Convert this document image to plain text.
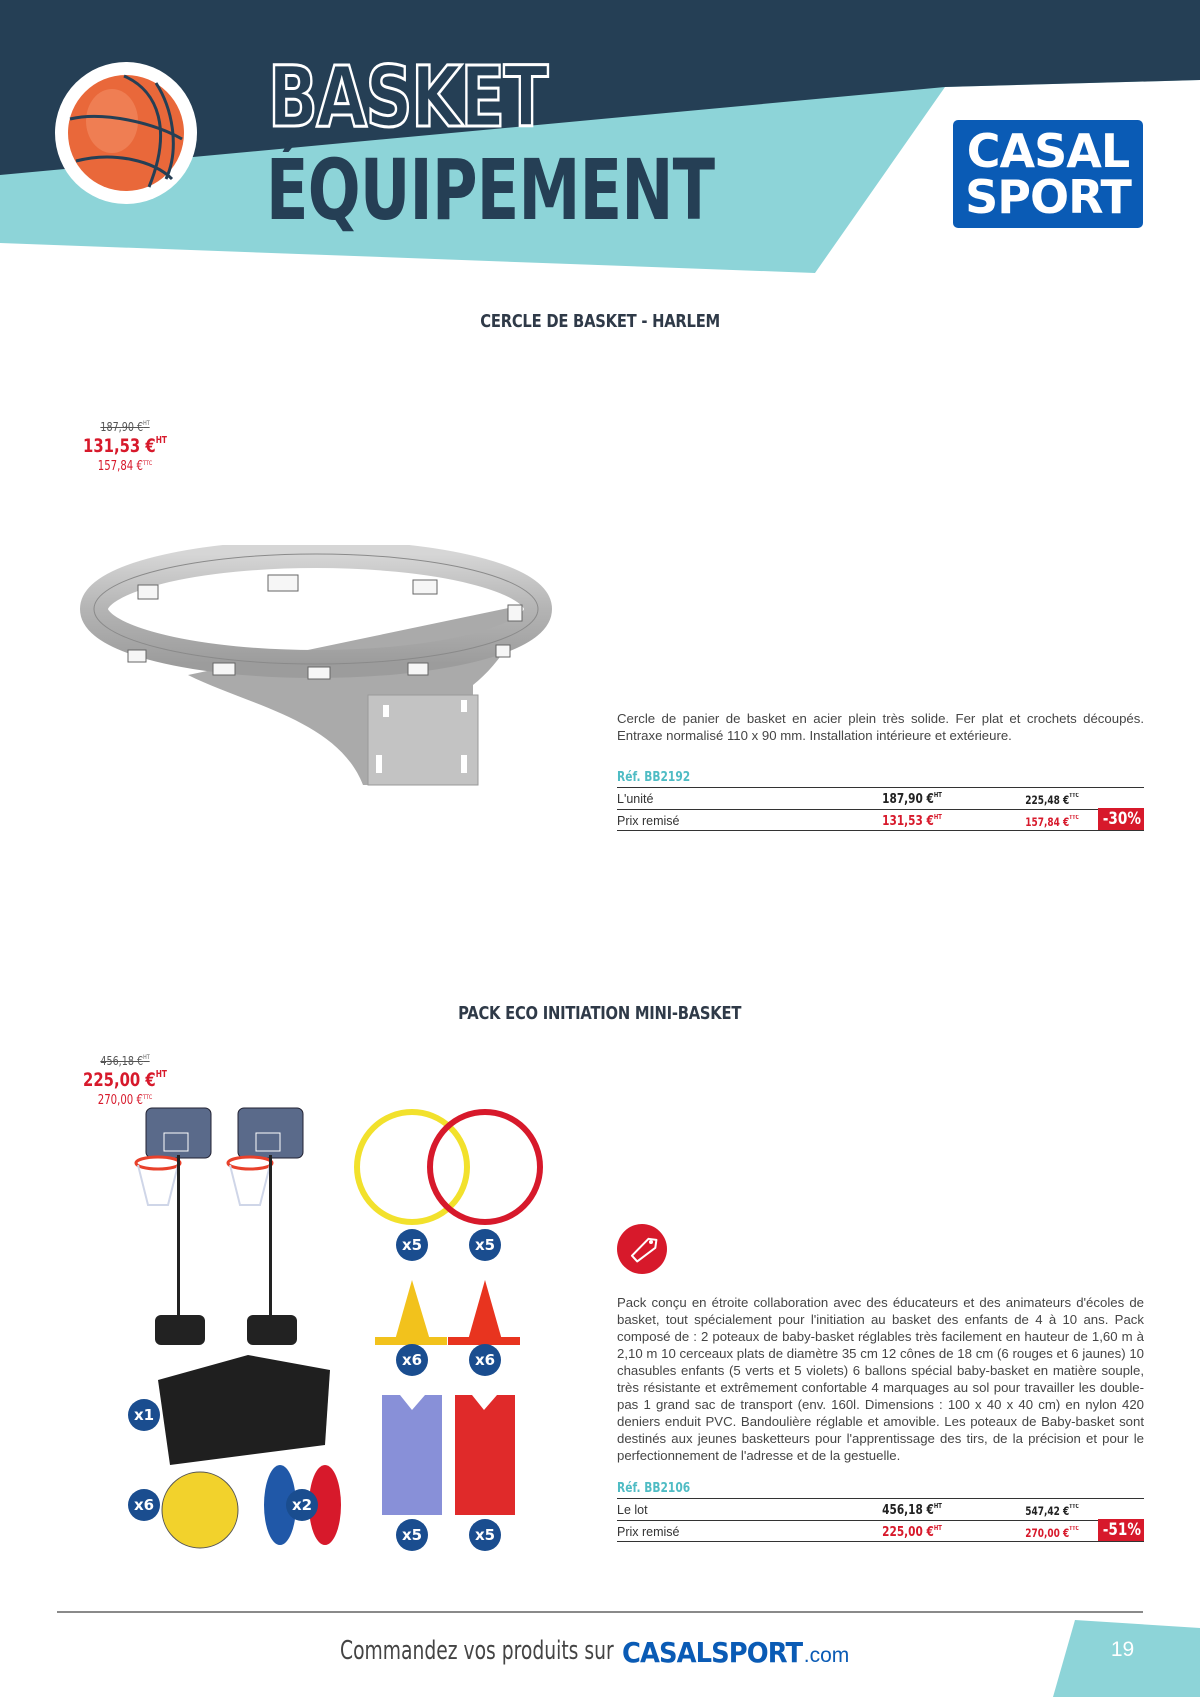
BASKET
ÉQUIPEMENT	CASAL
SPORT
CERCLE DE BASKET - HARLEM
187,90 €$^{HT}$
131,53 €$^{HT}$
157,84 €$^{TTC}$
Cercle de panier de basket en acier plein très solide. Fer plat et crochets découpés. Entraxe normalisé 110 x 90 mm. Installation intérieure et extérieure.
Réf. BB2192
L'unité	187,90 €$^{HT}$	225,48 €$^{TTC}$
Prix remisé	131,53 €$^{HT}$	157,84 €$^{TTC}$	-30%
PACK ECO INITIATION MINI-BASKET
456,18 €$^{HT}$
225,00 €$^{HT}$
270,00 €$^{TTC}$
x5	x5
x6	x6
x1
x6	x2
x5	x5
Pack conçu en étroite collaboration avec des éducateurs et des animateurs d'écoles de basket, tout spécialement pour l'initiation au basket des enfants de 4 à 10 ans. Pack composé de : 2 poteaux de baby-basket réglables très facilement en hauteur de 1,60 m à 2,10 m 10 cerceaux plats de diamètre 35 cm 12 cônes de 18 cm (6 rouges et 6 jaunes) 10 chasubles enfants (5 verts et 5 violets) 6 ballons spécial baby-basket en matière souple, très résistante et extrêmement confortable 4 marquages au sol pour travailler les double-pas 1 grand sac de transport (env. 160l. Dimensions : 100 x 40 x 40 cm) en nylon 420 deniers enduit PVC. Bandoulière réglable et amovible. Les poteaux de Baby-basket sont destinés aux jeunes basketteurs pour l'apprentissage des tirs, de la précision et pour le perfectionnement de l'adresse et de la gestuelle.
Réf. BB2106
Le lot	456,18 €$^{HT}$	547,42 €$^{TTC}$
Prix remisé	225,00 €$^{HT}$	270,00 €$^{TTC}$	-51%
Commandez vos produits sur CASALSPORT.com	19
